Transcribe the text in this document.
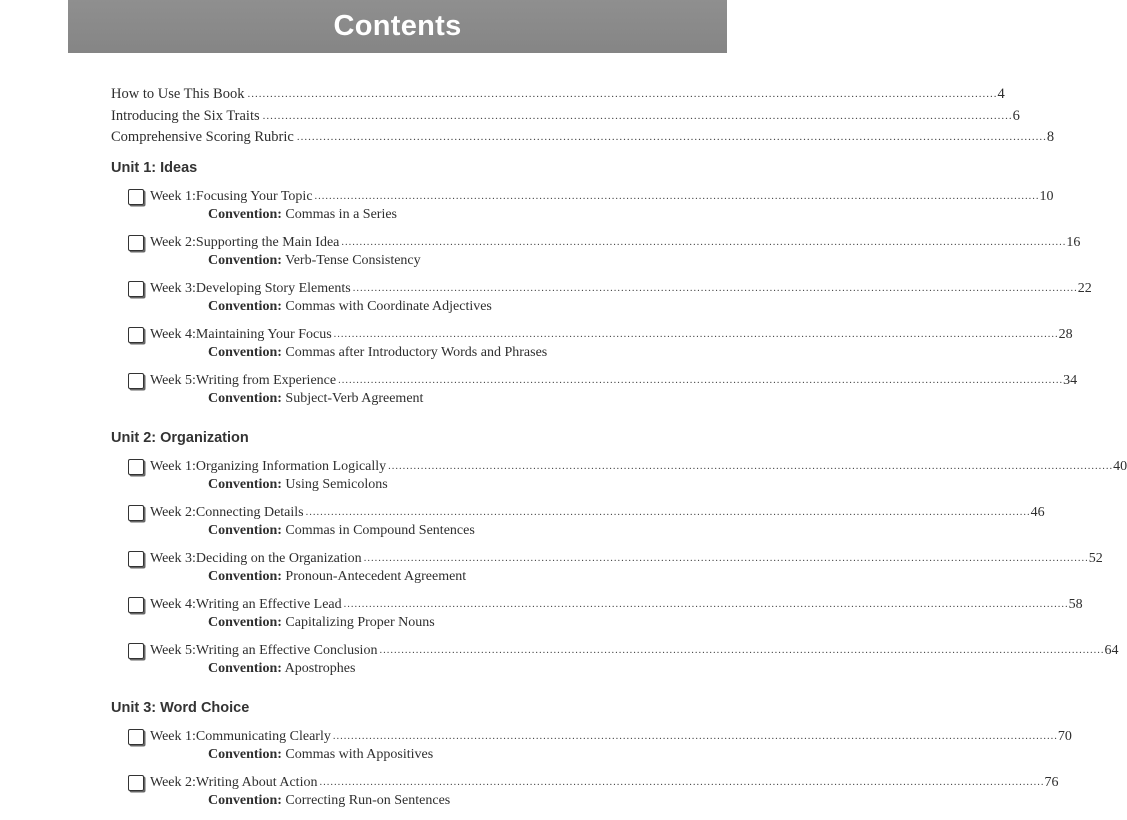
Contents
How to Use This Book ........................................................................................................................................................................................................ 4
Introducing the Six Traits ........................................................................................................................................................................................................ 6
Comprehensive Scoring Rubric ........................................................................................................................................................................................................ 8
Unit 1: Ideas
Week 1: Focusing Your Topic ........................................................................................................................................................................................................ 10
Convention: Commas in a Series
Week 2: Supporting the Main Idea ........................................................................................................................................................................................................ 16
Convention: Verb-Tense Consistency
Week 3: Developing Story Elements ........................................................................................................................................................................................................ 22
Convention: Commas with Coordinate Adjectives
Week 4: Maintaining Your Focus ........................................................................................................................................................................................................ 28
Convention: Commas after Introductory Words and Phrases
Week 5: Writing from Experience ........................................................................................................................................................................................................ 34
Convention: Subject-Verb Agreement
Unit 2: Organization
Week 1: Organizing Information Logically ........................................................................................................................................................................................................ 40
Convention: Using Semicolons
Week 2: Connecting Details ........................................................................................................................................................................................................ 46
Convention: Commas in Compound Sentences
Week 3: Deciding on the Organization ........................................................................................................................................................................................................ 52
Convention: Pronoun-Antecedent Agreement
Week 4: Writing an Effective Lead ........................................................................................................................................................................................................ 58
Convention: Capitalizing Proper Nouns
Week 5: Writing an Effective Conclusion ........................................................................................................................................................................................................ 64
Convention: Apostrophes
Unit 3: Word Choice
Week 1: Communicating Clearly ........................................................................................................................................................................................................ 70
Convention: Commas with Appositives
Week 2: Writing About Action ........................................................................................................................................................................................................ 76
Convention: Correcting Run-on Sentences
